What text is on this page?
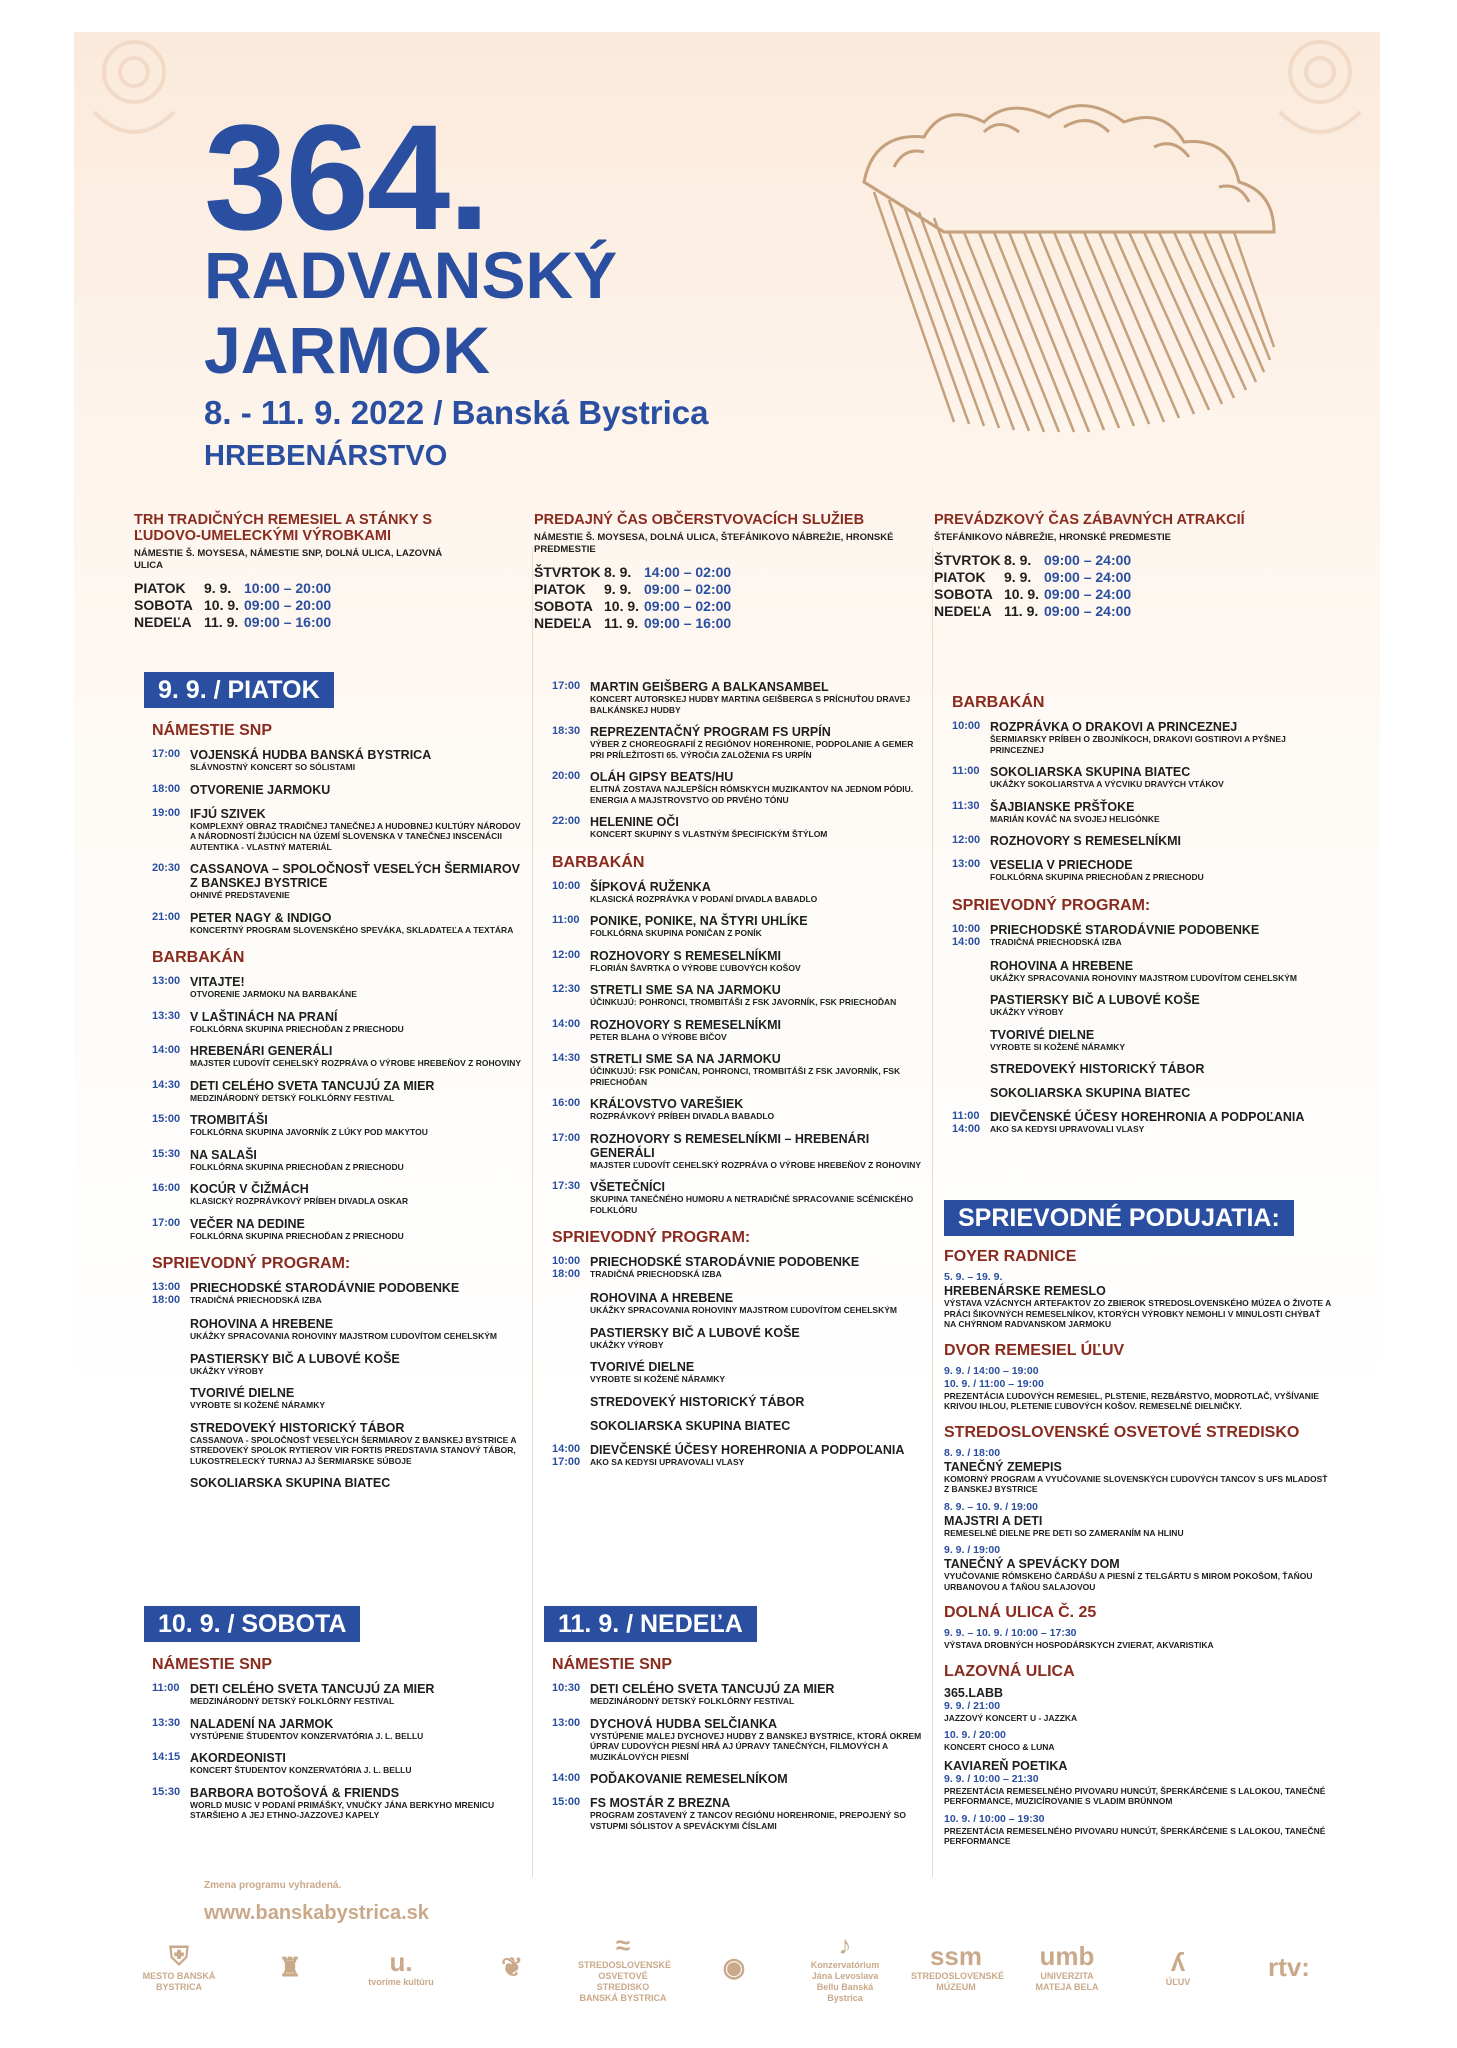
364.
RADVANSKÝ
JARMOK
8. - 11. 9. 2022 / Banská Bystrica
HREBENÁRSTVO
TRH TRADIČNÝCH REMESIEL A STÁNKY S ĽUDOVO-UMELECKÝMI VÝROBKAMI
NÁMESTIE Š. MOYSESA, NÁMESTIE SNP, DOLNÁ ULICA, LAZOVNÁ ULICA
PIATOK	9. 9. 10:00 – 20:00
SOBOTA 10. 9. 09:00 – 20:00
NEDEĽA 11. 9. 09:00 – 16:00
PREDAJNÝ ČAS OBČERSTVOVACÍCH SLUŽIEB
NÁMESTIE Š. MOYSESA, DOLNÁ ULICA, ŠTEFÁNIKOVO NÁBREŽIE, HRONSKÉ PREDMESTIE
ŠTVRTOK 8. 9. 14:00 – 02:00
PIATOK	9. 9. 09:00 – 02:00
SOBOTA 10. 9. 09:00 – 02:00
NEDEĽA 11. 9. 09:00 – 16:00
PREVÁDZKOVÝ ČAS ZÁBAVNÝCH ATRAKCIÍ
ŠTEFÁNIKOVO NÁBREŽIE, HRONSKÉ PREDMESTIE
ŠTVRTOK 8. 9. 09:00 – 24:00
PIATOK	9. 9. 09:00 – 24:00
SOBOTA 10. 9. 09:00 – 24:00
NEDEĽA 11. 9. 09:00 – 24:00
9. 9. / PIATOK
NÁMESTIE SNP
17:00 VOJENSKÁ HUDBA BANSKÁ BYSTRICA
SLÁVNOSTNÝ KONCERT SO SÓLISTAMI
18:00 OTVORENIE JARMOKU
19:00 IFJÚ SZIVEK
KOMPLEXNÝ OBRAZ TRADIČNEJ TANEČNEJ A HUDOBNEJ KULTÚRY NÁRODOV A NÁRODNOSTÍ ŽIJÚCICH NA ÚZEMÍ SLOVENSKA V TANEČNEJ INSCENÁCII AUTENTIKA - VLASTNÝ MATERIÁL
20:30 CASSANOVA – SPOLOČNOSŤ VESELÝCH ŠERMIAROV Z BANSKEJ BYSTRICE
OHNIVÉ PREDSTAVENIE
21:00 PETER NAGY & INDIGO
KONCERTNÝ PROGRAM SLOVENSKÉHO SPEVÁKA, SKLADATEĽA A TEXTÁRA
BARBAKÁN
13:00 VITAJTE!
OTVORENIE JARMOKU NA BARBAKÁNE
13:30 V LAŠTINÁCH NA PRANÍ
FOLKLÓRNA SKUPINA PRIECHOĎAN Z PRIECHODU
14:00 HREBENÁRI GENERÁLI
MAJSTER ĽUDOVÍT CEHELSKÝ ROZPRÁVA O VÝROBE HREBEŇOV Z ROHOVINY
14:30 DETI CELÉHO SVETA TANCUJÚ ZA MIER
MEDZINÁRODNÝ DETSKÝ FOLKLÓRNY FESTIVAL
15:00 TROMBITÁŠI
FOLKLÓRNA SKUPINA JAVORNÍK Z LÚKY POD MAKYTOU
15:30 NA SALAŠI
FOLKLÓRNA SKUPINA PRIECHOĎAN Z PRIECHODU
16:00 KOCÚR V ČIŽMÁCH
KLASICKÝ ROZPRÁVKOVÝ PRÍBEH DIVADLA OSKAR
17:00 VEČER NA DEDINE
FOLKLÓRNA SKUPINA PRIECHOĎAN Z PRIECHODU
SPRIEVODNÝ PROGRAM:
13:00
18:00
PRIECHODSKÉ STARODÁVNIE PODOBENKE
TRADIČNÁ PRIECHODSKÁ IZBA
ROHOVINA A HREBENE
UKÁŽKY SPRACOVANIA ROHOVINY MAJSTROM ĽUDOVÍTOM CEHELSKÝM
PASTIERSKY BIČ A LUBOVÉ KOŠE
UKÁŽKY VÝROBY
TVORIVÉ DIELNE
VYROBTE SI KOŽENÉ NÁRAMKY
STREDOVEKÝ HISTORICKÝ TÁBOR
CASSANOVA - SPOLOČNOSŤ VESELÝCH ŠERMIAROV Z BANSKEJ BYSTRICE A STREDOVEKÝ SPOLOK RYTIEROV VIR FORTIS PREDSTAVIA STANOVÝ TÁBOR, LUKOSTRELECKÝ TURNAJ AJ ŠERMIARSKE SÚBOJE
SOKOLIARSKA SKUPINA BIATEC
17:00 MARTIN GEIŠBERG A BALKANSAMBEL
KONCERT AUTORSKEJ HUDBY MARTINA GEIŠBERGA S PRÍCHUŤOU DRAVEJ BALKÁNSKEJ HUDBY
18:30 REPREZENTAČNÝ PROGRAM FS URPÍN
VÝBER Z CHOREOGRAFIÍ Z REGIÓNOV HOREHRONIE, PODPOLANIE A GEMER PRI PRÍLEŽITOSTI 65. VÝROČIA ZALOŽENIA FS URPÍN
20:00 OLÁH GIPSY BEATS/HU
ELITNÁ ZOSTAVA NAJLEPŠÍCH RÓMSKYCH MUZIKANTOV NA JEDNOM PÓDIU. ENERGIA A MAJSTROVSTVO OD PRVÉHO TÓNU
22:00 HELENINE OČI
KONCERT SKUPINY S VLASTNÝM ŠPECIFICKÝM ŠTÝLOM
BARBAKÁN
10:00 ŠÍPKOVÁ RUŽENKA
KLASICKÁ ROZPRÁVKA V PODANÍ DIVADLA BABADLO
11:00 PONIKE, PONIKE, NA ŠTYRI UHLÍKE
FOLKLÓRNA SKUPINA PONIČAN Z PONÍK
12:00 ROZHOVORY S REMESELNÍKMI
FLORIÁN ŠAVRTKA O VÝROBE ĽUBOVÝCH KOŠOV
12:30 STRETLI SME SA NA JARMOKU
ÚČINKUJÚ: POHRONCI, TROMBITÁŠI Z FSK JAVORNÍK, FSK PRIECHOĎAN
14:00 ROZHOVORY S REMESELNÍKMI
PETER BLAHA O VÝROBE BIČOV
14:30 STRETLI SME SA NA JARMOKU
ÚČINKUJÚ: FSK PONIČAN, POHRONCI, TROMBITÁŠI Z FSK JAVORNÍK, FSK PRIECHOĎAN
16:00 KRÁĽOVSTVO VAREŠIEK
ROZPRÁVKOVÝ PRÍBEH DIVADLA BABADLO
17:00 ROZHOVORY S REMESELNÍKMI – HREBENÁRI GENERÁLI
MAJSTER ĽUDOVÍT CEHELSKÝ ROZPRÁVA O VÝROBE HREBEŇOV Z ROHOVINY
17:30 VŠETEČNÍCI
SKUPINA TANEČNÉHO HUMORU A NETRADIČNÉ SPRACOVANIE SCÉNICKÉHO FOLKLÓRU
SPRIEVODNÝ PROGRAM:
10:00
18:00
PRIECHODSKÉ STARODÁVNIE PODOBENKE
TRADIČNÁ PRIECHODSKÁ IZBA
ROHOVINA A HREBENE
UKÁŽKY SPRACOVANIA ROHOVINY MAJSTROM ĽUDOVÍTOM CEHELSKÝM
PASTIERSKY BIČ A LUBOVÉ KOŠE
UKÁŽKY VÝROBY
TVORIVÉ DIELNE
VYROBTE SI KOŽENÉ NÁRAMKY
STREDOVEKÝ HISTORICKÝ TÁBOR
SOKOLIARSKA SKUPINA BIATEC
14:00
17:00
DIEVČENSKÉ ÚČESY HOREHRONIA A PODPOĽANIA
AKO SA KEDYSI UPRAVOVALI VLASY
BARBAKÁN
10:00 ROZPRÁVKA O DRAKOVI A PRINCEZNEJ
ŠERMIARSKY PRÍBEH O ZBOJNÍKOCH, DRAKOVI GOSTIROVI A PYŠNEJ PRINCEZNEJ
11:00 SOKOLIARSKA SKUPINA BIATEC
UKÁŽKY SOKOLIARSTVA A VÝCVIKU DRAVÝCH VTÁKOV
11:30 ŠAJBIANSKE PRŠŤOKE
MARIÁN KOVÁČ NA SVOJEJ HELIGÓNKE
12:00 ROZHOVORY S REMESELNÍKMI
13:00 VESELIA V PRIECHODE
FOLKLÓRNA SKUPINA PRIECHOĎAN Z PRIECHODU
SPRIEVODNÝ PROGRAM:
10:00
14:00
PRIECHODSKÉ STARODÁVNIE PODOBENKE
TRADIČNÁ PRIECHODSKÁ IZBA
ROHOVINA A HREBENE
UKÁŽKY SPRACOVANIA ROHOVINY MAJSTROM ĽUDOVÍTOM CEHELSKÝM
PASTIERSKY BIČ A LUBOVÉ KOŠE
UKÁŽKY VÝROBY
TVORIVÉ DIELNE
VYROBTE SI KOŽENÉ NÁRAMKY
STREDOVEKÝ HISTORICKÝ TÁBOR
SOKOLIARSKA SKUPINA BIATEC
11:00
14:00
DIEVČENSKÉ ÚČESY HOREHRONIA A PODPOĽANIA
AKO SA KEDYSI UPRAVOVALI VLASY
SPRIEVODNÉ PODUJATIA:
FOYER RADNICE
5. 9. – 19. 9.
HREBENÁRSKE REMESLO
VÝSTAVA VZÁCNYCH ARTEFAKTOV ZO ZBIEROK STREDOSLOVENSKÉHO MÚZEA O ŽIVOTE A PRÁCI ŠIKOVNÝCH REMESELNÍKOV, KTORÝCH VÝROBKY NEMOHLI V MINULOSTI CHÝBAŤ NA CHÝRNOM RADVANSKOM JARMOKU
DVOR REMESIEL ÚĽUV
9. 9. / 14:00 – 19:00
10. 9. / 11:00 – 19:00
PREZENTÁCIA ĽUDOVÝCH REMESIEL, PLSTENIE, REZBÁRSTVO, MODROTLAČ, VYŠÍVANIE KRIVOU IHLOU, PLETENIE ĽUBOVÝCH KOŠOV. REMESELNÉ DIELNIČKY.
STREDOSLOVENSKÉ OSVETOVÉ STREDISKO
8. 9. / 18:00
TANEČNÝ ZEMEPIS
KOMORNÝ PROGRAM A VYUČOVANIE SLOVENSKÝCH ĽUDOVÝCH TANCOV S UFS MLADOSŤ Z BANSKEJ BYSTRICE
8. 9. – 10. 9. / 19:00
MAJSTRI A DETI
REMESELNÉ DIELNE PRE DETI SO ZAMERANÍM NA HLINU
9. 9. / 19:00
TANEČNÝ A SPEVÁCKY DOM
VYUČOVANIE RÓMSKEHO ČARDÁŠU A PIESNÍ Z TELGÁRTU S MIROM POKOŠOM, ŤAŇOU URBANOVOU A ŤAŇOU SALAJOVOU
DOLNÁ ULICA Č. 25
9. 9. – 10. 9. / 10:00 – 17:30
VÝSTAVA DROBNÝCH HOSPODÁRSKYCH ZVIERAT, AKVARISTIKA
LAZOVNÁ ULICA
365.LABB
9. 9. / 21:00
JAZZOVÝ KONCERT U - JAZZKA
10. 9. / 20:00
KONCERT CHOCO & LUNA
KAVIAREŇ POETIKA
9. 9. / 10:00 – 21:30
PREZENTÁCIA REMESELNÉHO PIVOVARU HUNCÚT, ŠPERKÁRČENIE S LALOKOU, TANEČNÉ PERFORMANCE, MUZICÍROVANIE S VLADIM BRÜNNOM
10. 9. / 10:00 – 19:30
PREZENTÁCIA REMESELNÉHO PIVOVARU HUNCÚT, ŠPERKÁRČENIE S LALOKOU, TANEČNÉ PERFORMANCE
10. 9. / SOBOTA
NÁMESTIE SNP
11:00 DETI CELÉHO SVETA TANCUJÚ ZA MIER
MEDZINÁRODNÝ DETSKÝ FOLKLÓRNY FESTIVAL
13:30 NALADENÍ NA JARMOK
VYSTÚPENIE ŠTUDENTOV KONZERVATÓRIA J. L. BELLU
14:15 AKORDEONISTI
KONCERT ŠTUDENTOV KONZERVATÓRIA J. L. BELLU
15:30 BARBORA BOTOŠOVÁ & FRIENDS
WORLD MUSIC V PODANÍ PRIMÁŠKY, VNUČKY JÁNA BERKYHO MRENICU STARŠIEHO A JEJ ETHNO-JAZZOVEJ KAPELY
11. 9. / NEDEĽA
NÁMESTIE SNP
10:30 DETI CELÉHO SVETA TANCUJÚ ZA MIER
MEDZINÁRODNÝ DETSKÝ FOLKLÓRNY FESTIVAL
13:00 DYCHOVÁ HUDBA SELČIANKA
VYSTÚPENIE MALEJ DYCHOVEJ HUDBY Z BANSKEJ BYSTRICE, KTORÁ OKREM ÚPRAV ĽUDOVÝCH PIESNÍ HRÁ AJ ÚPRAVY TANEČNÝCH, FILMOVÝCH A MUZIKÁLOVÝCH PIESNÍ
14:00 POĎAKOVANIE REMESELNÍKOM
15:00 FS MOSTÁR Z BREZNA
PROGRAM ZOSTAVENÝ Z TANCOV REGIÓNU HOREHRONIE, PREPOJENÝ SO VSTUPMI SÓLISTOV A SPEVÁCKYMI ČÍSLAMI
Zmena programu vyhradená.
www.banskabystrica.sk
⛨
MESTO BANSKÁ BYSTRICA
♜	u.
tvoríme kultúru	❦
≈
STREDOSLOVENSKÉ OSVETOVÉ STREDISKO BANSKÁ BYSTRICA
◉
♪
Konzervatórium Jána Levoslava Bellu Banská Bystrica
ssm
STREDOSLOVENSKÉ MÚZEUM
umb
UNIVERZITA MATEJA BELA
ʎ
ÚĽUV	rtv:
